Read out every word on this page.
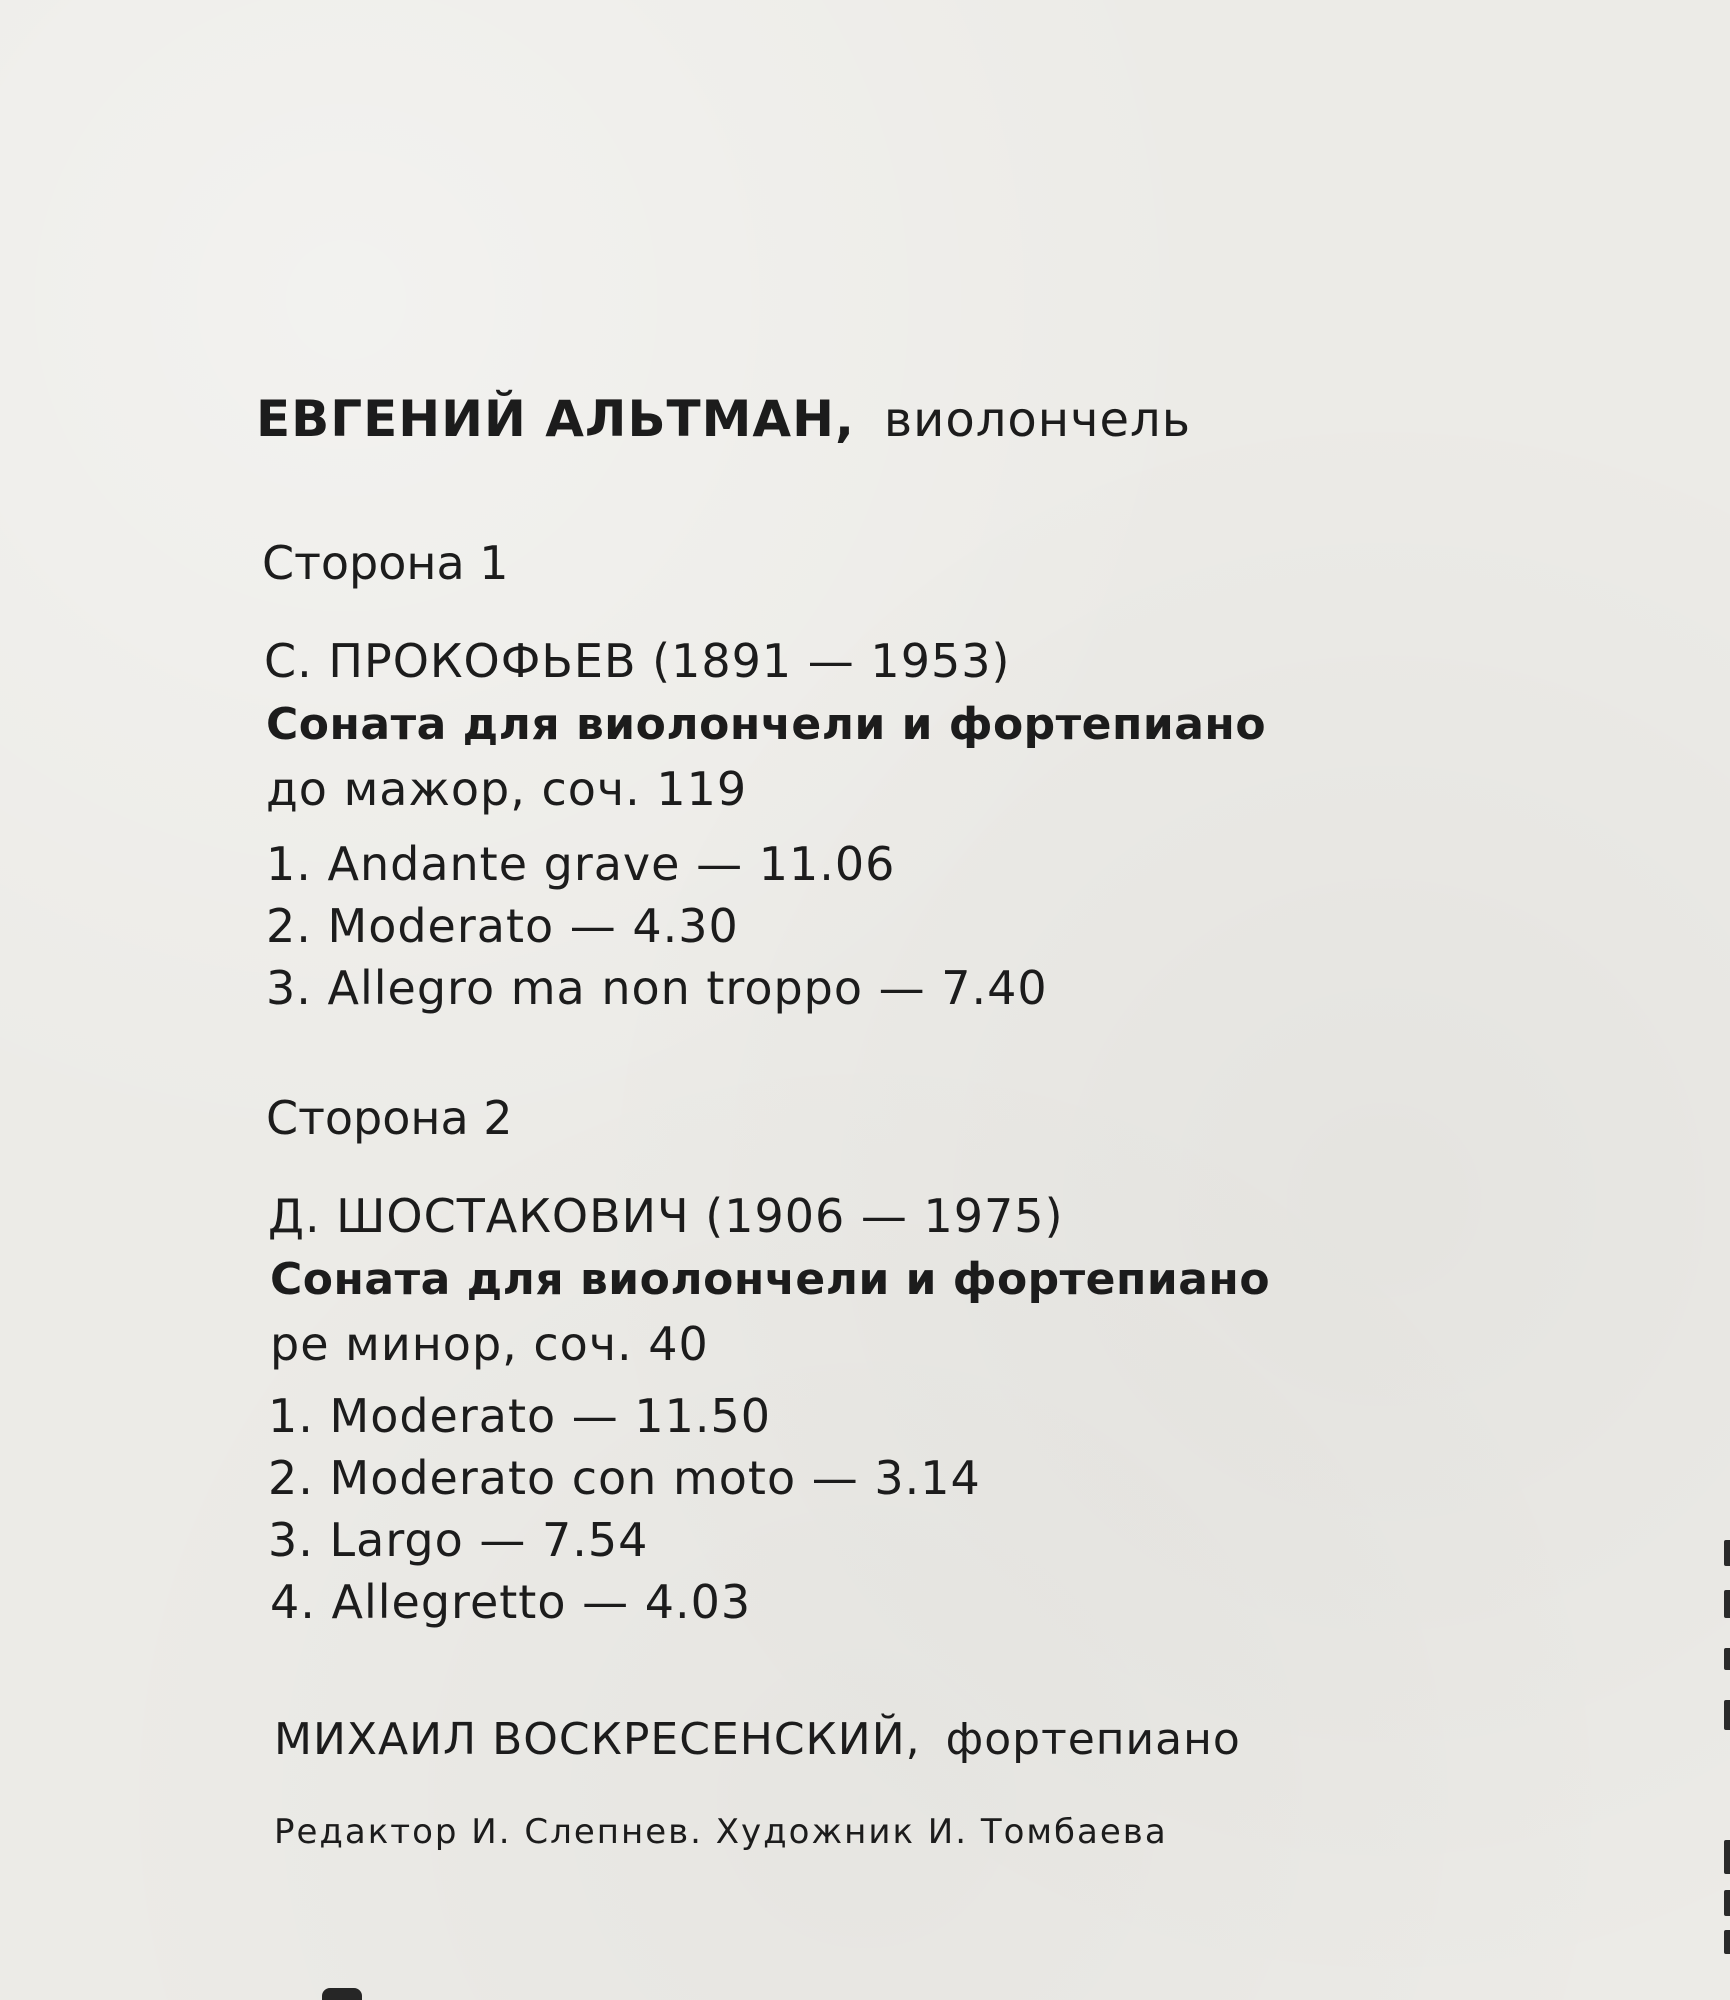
ЕВГЕНИЙ АЛЬТМАН, виолончель
Сторона 1
С. ПРОКОФЬЕВ (1891 — 1953)
Соната для виолончели и фортепиано
до мажор, соч. 119
1. Andante grave — 11.06
2. Moderato — 4.30
3. Allegro ma non troppo — 7.40
Сторона 2
Д. ШОСТАКОВИЧ (1906 — 1975)
Соната для виолончели и фортепиано
ре минор, соч. 40
1. Moderato — 11.50
2. Moderato con moto — 3.14
3. Largo — 7.54
4. Allegretto — 4.03
МИХАИЛ ВОСКРЕСЕНСКИЙ, фортепиано
Редактор И. Слепнев. Художник И. Томбаева
